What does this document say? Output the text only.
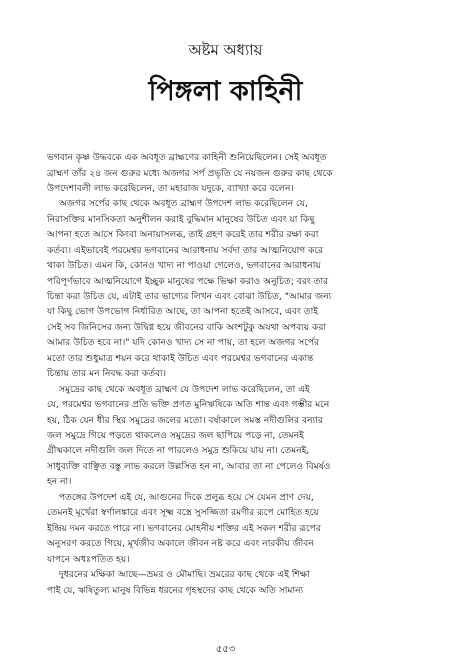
অষ্টম অধ্যায়
পিঙ্গলা কাহিনী
ভগবান কৃষ্ণ উদ্ধবকে এক অবধূত ব্রাহ্মণের কাহিনী শুনিয়েছিলেন। সেই অবধূত
ব্রাহ্মণ তাঁর ২৪ জন গুরুর মধ্যে অজগর সর্প প্রভৃতি যে নয়জন গুরুর কাছ থেকে
উপদেশাবলী লাভ করেছিলেন, তা মহারাজ যদুকে, ব্যাখ্যা করে বলেন।
অজগর সর্পের কাছ থেকে অবধূত ব্রাহ্মণ উপদেশ লাভ করেছিলেন যে,
নিরাসক্তির মানসিকতা অনুশীলন করাই বুদ্ধিমান মানুষের উচিত এবং যা কিছু
আপনা হতে আসে কিংবা অনায়াসলব্ধ, তাই গ্রহণ করেই তার শরীর রক্ষা করা
কর্তব্য। এইভাবেই পরমেশ্বর ভগবানের আরাধনায় সর্বদা তার আত্মনিয়োগ করে
থাকা উচিত। এমন কি, কোনও খাদ্য না পাওয়া গেলেও, ভগবানের আরাধনায়
পরিপূর্ণভাবে আত্মনিয়োগে ইচ্ছুক মানুষের পক্ষে ভিক্ষা করাও অনুচিত; বরং তার
চিন্তা করা উচিত যে, এটাই তার ভাগ্যের লিখন এবং বোঝা উচিত, "আমার জন্য
যা কিছু ভোগ উপভোগ নির্ধারিত আছে, তা আপনা হতেই আসবে, এবং তাই
সেই সব জিনিসের জন্য উদ্বিগ্ন হয়ে জীবনের বাকি অংশটুকু অযথা অপব্যয় করা
আমার উচিত হবে না।" যদি কোনও খাদ্য সে না পায়, তা হলে অজগর সর্পের
মতো তার শুধুমাত্র শয়ন করে থাকাই উচিত এবং পরমেশ্বর ভগবানের একান্ত
চিন্তায় তার মন নিবদ্ধ করা কর্তব্য।
সমুদ্রের কাছ থেকে অবধূত ব্রাহ্মণ যে উপদেশ লাভ করেছিলেন, তা এই
যে, পরমেশ্বর ভগবানের প্রতি ভক্তি প্রণত মুনিঋষিকে অতি শান্ত এবং গম্ভীর মনে
হয়, ঠিক যেন ধীর স্থির সমুদ্রের জলের মতো। বর্ষাকালে সমস্ত নদীগুলির বন্যার
জল সমুদ্রে গিয়ে পড়তে থাকলেও সমুদ্রের জল ছাপিয়ে পড়ে না, তেমনই
গ্রীষ্মকালে নদীগুলি জল দিতে না পারলেও সমুদ্র শুকিয়ে যায় না। তেমনই,
সাধুব্যক্তি বাঞ্ছিত বস্তু লাভ করলে উল্লসিত হন না, আবার তা না পেলেও বিমর্ষও
হন না।
পতঙ্গের উপদেশ এই যে, আগুনের দিকে প্রলুব্ধ হয়ে সে যেমন প্রাণ দেয়,
তেমনই মূর্খেরা স্বর্ণালঙ্কারে এবং সূক্ষ্ম বস্ত্রে সুসজ্জিতা রমণীর রূপে মোহিত হয়ে
ইন্দ্রিয় দমন করতে পারে না। ভগবানের মোহনীয় শক্তির এই সকল শরীর রূপের
অনুসরণ করতে গিয়ে, মূর্খজীব অকালে জীবন নষ্ট করে এবং নারকীয় জীবন
যাপনে অধঃপতিত হয়।
দুধরনের মক্ষিকা আছে—ভ্রমর ও মৌমাছি। ভ্রমরের কাছ থেকে এই শিক্ষা
পাই যে, ঋষিতুল্য মানুষ বিভিন্ন ধরনের গৃহস্থদের কাছ থেকে অতি সামান্য
৫৫৩
